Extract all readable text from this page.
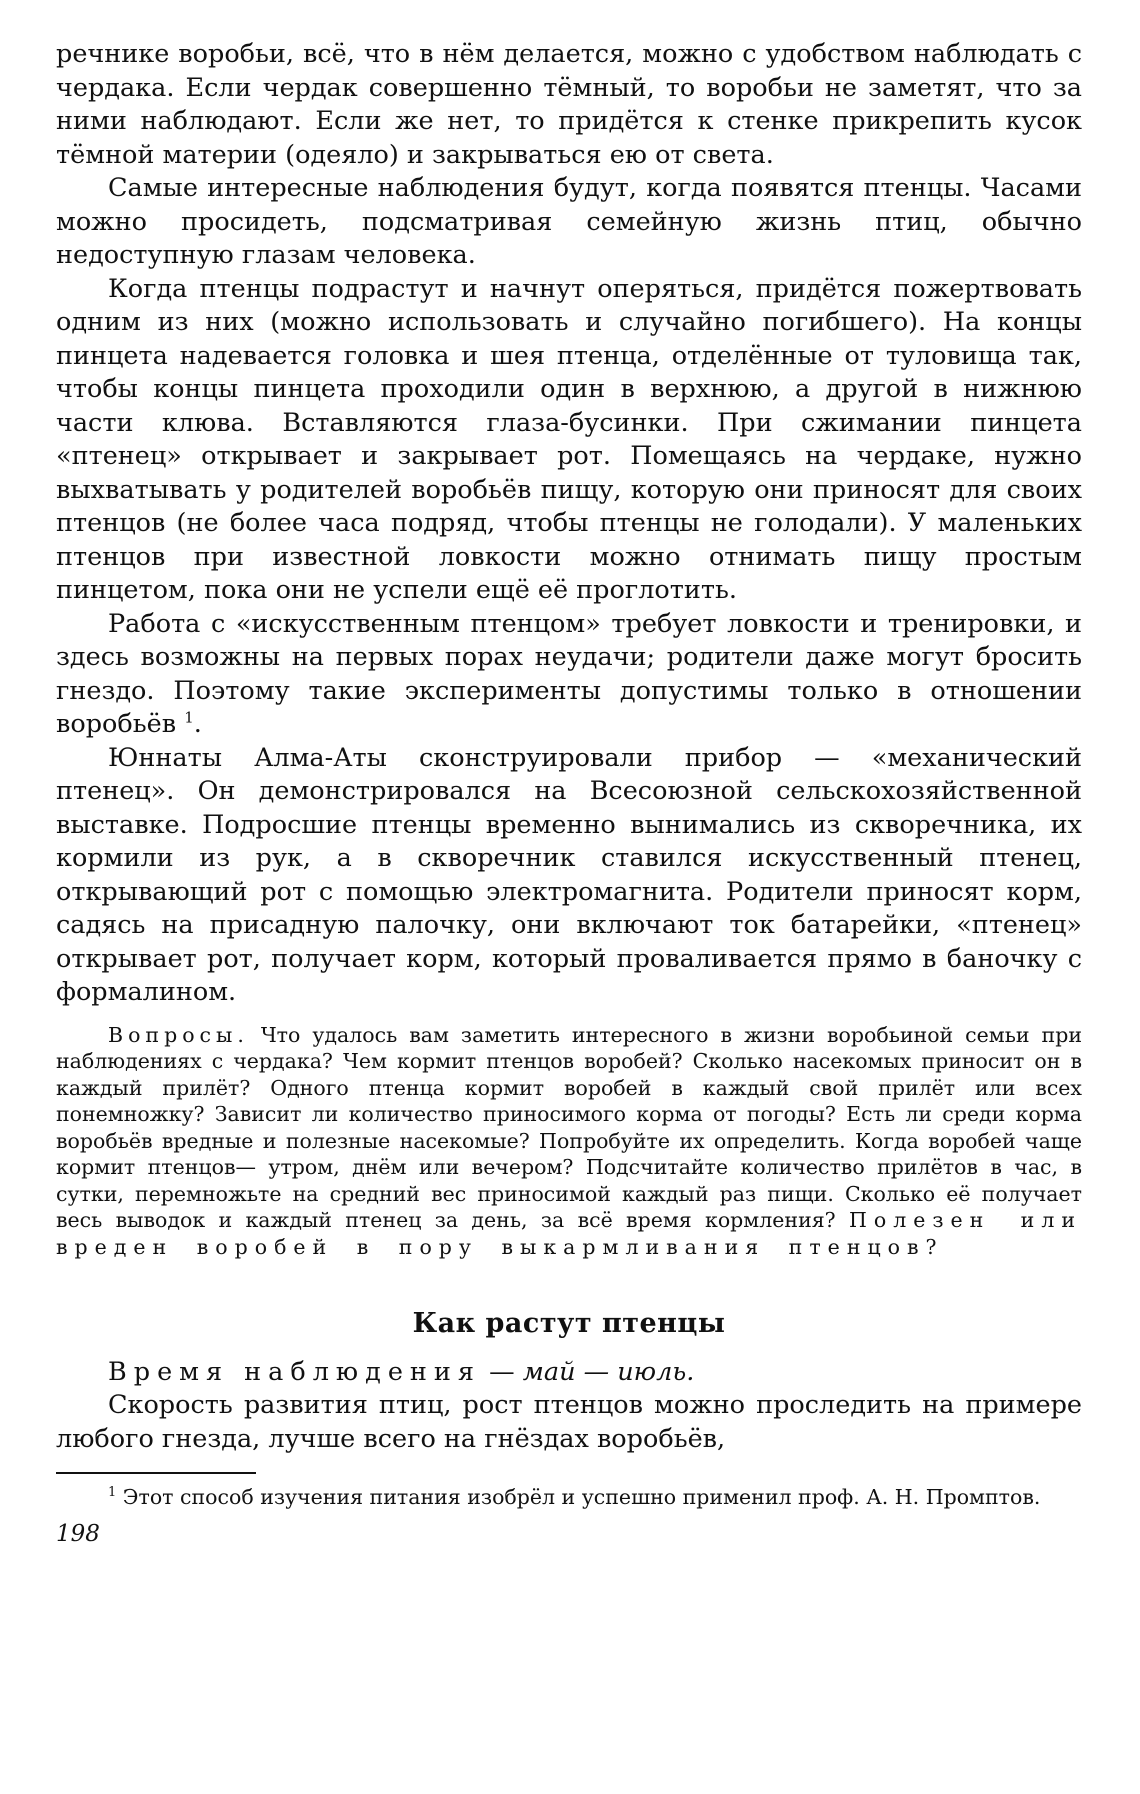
речнике воробьи, всё, что в нём делается, можно с удобством наблюдать с чердака. Если чердак совершенно тёмный, то воробьи не заметят, что за ними наблюдают. Если же нет, то придётся к стенке прикрепить кусок тёмной материи (одеяло) и закрываться ею от света.

Самые интересные наблюдения будут, когда появятся птенцы. Часами можно просидеть, подсматривая семейную жизнь птиц, обычно недоступную глазам человека.

Когда птенцы подрастут и начнут оперяться, придётся пожертвовать одним из них (можно использовать и случайно погибшего). На концы пинцета надевается головка и шея птенца, отделённые от туловища так, чтобы концы пинцета проходили один в верхнюю, а другой в нижнюю части клюва. Вставляются глаза-бусинки. При сжимании пинцета «птенец» открывает и закрывает рот. Помещаясь на чердаке, нужно выхватывать у родителей воробьёв пищу, которую они приносят для своих птенцов (не более часа подряд, чтобы птенцы не голодали). У маленьких птенцов при известной ловкости можно отнимать пищу простым пинцетом, пока они не успели ещё её проглотить.

Работа с «искусственным птенцом» требует ловкости и тренировки, и здесь возможны на первых порах неудачи; родители даже могут бросить гнездо. Поэтому такие эксперименты допустимы только в отношении воробьёв $^1$.

Юннаты Алма-Аты сконструировали прибор — «механический птенец». Он демонстрировался на Всесоюзной сельскохозяйственной выставке. Подросшие птенцы временно вынимались из скворечника, их кормили из рук, а в скворечник ставился искусственный птенец, открывающий рот с помощью электромагнита. Родители приносят корм, садясь на присадную палочку, они включают ток батарейки, «птенец» открывает рот, получает корм, который проваливается прямо в баночку с формалином.

Вопросы. Что удалось вам заметить интересного в жизни воробьиной семьи при наблюдениях с чердака? Чем кормит птенцов воробей? Сколько насекомых приносит он в каждый прилёт? Одного птенца кормит воробей в каждый свой прилёт или всех понемножку? Зависит ли количество приносимого корма от погоды? Есть ли среди корма воробьёв вредные и полезные насекомые? Попробуйте их определить. Когда воробей чаще кормит птенцов— утром, днём или вечером? Подсчитайте количество прилётов в час, в сутки, перемножьте на средний вес приносимой каждый раз пищи. Сколько её получает весь выводок и каждый птенец за день, за всё время кормления? Полезен или вреден воробей в пору выкармливания птенцов?

Как растут птенцы

Время наблюдения — май — июль.

Скорость развития птиц, рост птенцов можно проследить на примере любого гнезда, лучше всего на гнёздах воробьёв,

$^1$ Этот способ изучения питания изобрёл и успешно применил проф. А. Н. Промптов.

198
